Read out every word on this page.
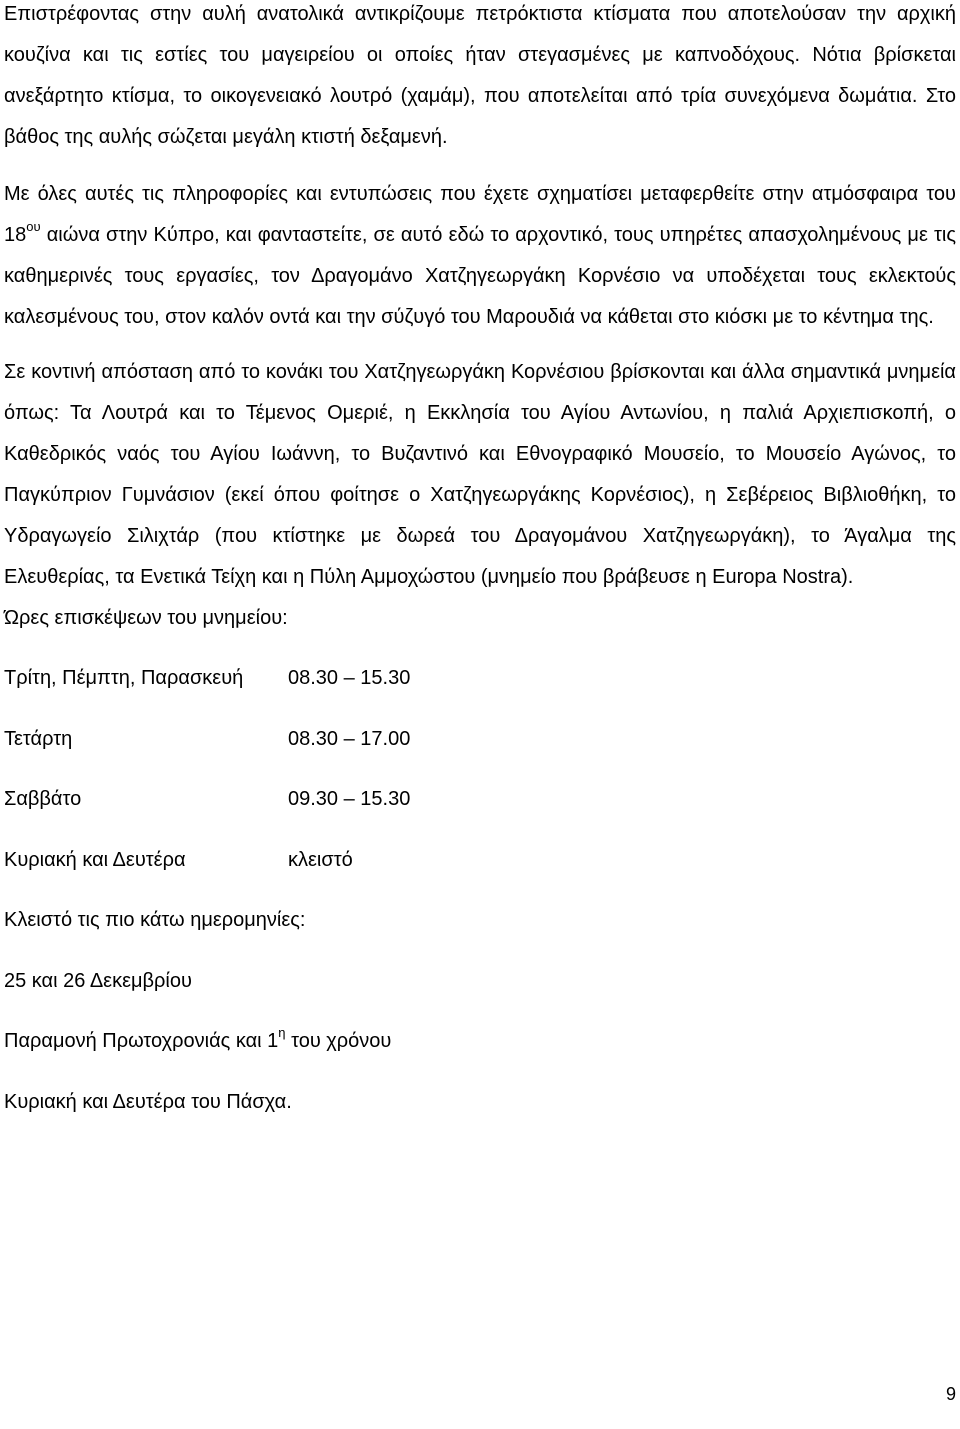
Επιστρέφοντας στην αυλή ανατολικά αντικρίζουμε πετρόκτιστα κτίσματα που αποτελούσαν την αρχική κουζίνα και τις εστίες του μαγειρείου οι οποίες ήταν στεγασμένες με καπνοδόχους. Νότια βρίσκεται ανεξάρτητο κτίσμα, το οικογενειακό λουτρό (χαμάμ), που αποτελείται από τρία συνεχόμενα δωμάτια. Στο βάθος της αυλής σώζεται μεγάλη κτιστή δεξαμενή.

Με όλες αυτές τις πληροφορίες και εντυπώσεις που έχετε σχηματίσει μεταφερθείτε στην ατμόσφαιρα του $18^{o\upsilon}$ αιώνα στην Κύπρο, και φανταστείτε, σε αυτό εδώ το αρχοντικό, τους υπηρέτες απασχολημένους με τις καθημερινές τους εργασίες, τον Δραγομάνο Χατζηγεωργάκη Κορνέσιο να υποδέχεται τους εκλεκτούς καλεσμένους του, στον καλόν οντά και την σύζυγό του Μαρουδιά να κάθεται στο κιόσκι με το κέντημα της.

Σε κοντινή απόσταση από το κονάκι του Χατζηγεωργάκη Κορνέσιου βρίσκονται και άλλα σημαντικά μνημεία όπως: Τα Λουτρά και το Τέμενος Ομεριέ, η Εκκλησία του Αγίου Αντωνίου, η παλιά Αρχιεπισκοπή, ο Καθεδρικός ναός του Αγίου Ιωάννη, το Βυζαντινό και Εθνογραφικό Μουσείο, το Μουσείο Αγώνος, το Παγκύπριον Γυμνάσιον (εκεί όπου φοίτησε ο Χατζηγεωργάκης Κορνέσιος), η Σεβέρειος Βιβλιοθήκη, το Υδραγωγείο Σιλιχτάρ (που κτίστηκε με δωρεά του Δραγομάνου Χατζηγεωργάκη), το Άγαλμα της Ελευθερίας, τα Ενετικά Τείχη και η Πύλη Αμμοχώστου (μνημείο που βράβευσε η Europa Nostra).

Ώρες επισκέψεων του μνημείου:

Τρίτη, Πέμπτη, Παρασκευή	08.30 – 15.30
Τετάρτη	08.30 – 17.00
Σαββάτο	09.30 – 15.30
Κυριακή και Δευτέρα	κλειστό

Κλειστό τις πιο κάτω ημερομηνίες:

25 και 26 Δεκεμβρίου

Παραμονή Πρωτοχρονιάς και $1^\eta$ του χρόνου

Κυριακή και Δευτέρα του Πάσχα.

9
